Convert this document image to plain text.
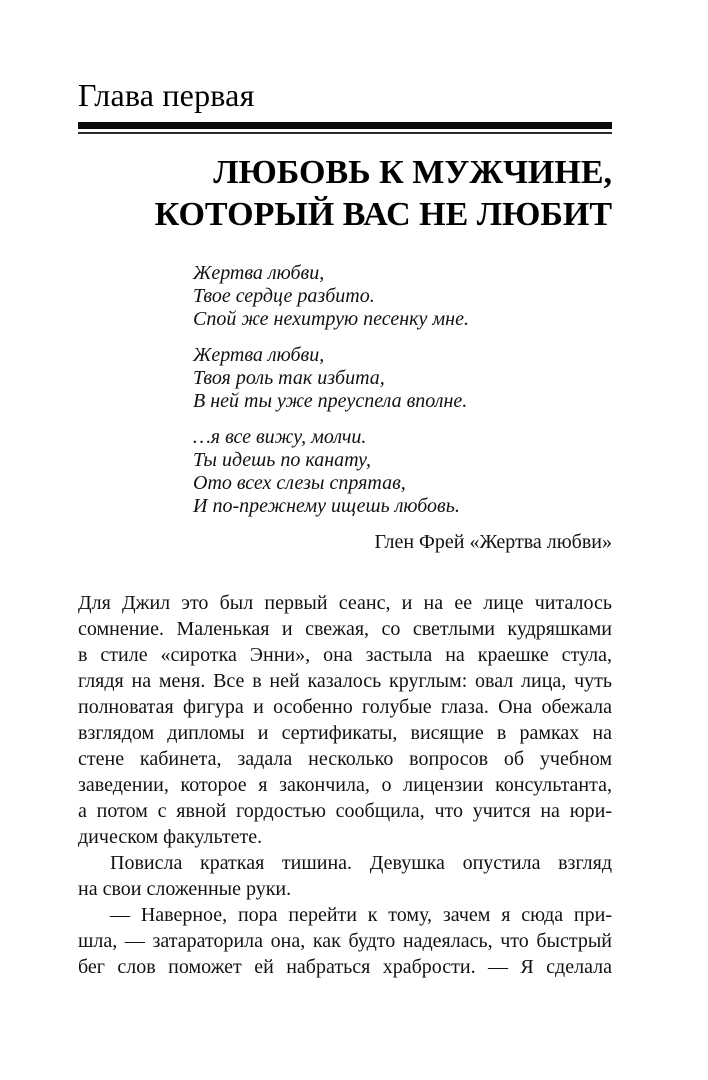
Глава первая
ЛЮБОВЬ К МУЖЧИНЕ,
КОТОРЫЙ ВАС НЕ ЛЮБИТ
Жертва любви,
Твое сердце разбито.
Спой же нехитрую песенку мне.
Жертва любви,
Твоя роль так избита,
В ней ты уже преуспела вполне.
…я все вижу, молчи.
Ты идешь по канату,
Ото всех слезы спрятав,
И по-прежнему ищешь любовь.
Глен Фрей «Жертва любви»
Для Джил это был первый сеанс, и на ее лице читалось
сомнение. Маленькая и свежая, со светлыми кудряшками
в стиле «сиротка Энни», она застыла на краешке стула,
глядя на меня. Все в ней казалось круглым: овал лица, чуть
полноватая фигура и особенно голубые глаза. Она обежала
взглядом дипломы и сертификаты, висящие в рамках на
стене кабинета, задала несколько вопросов об учебном
заведении, которое я закончила, о лицензии консультанта,
а потом с явной гордостью сообщила, что учится на юри-
дическом факультете.
Повисла краткая тишина. Девушка опустила взгляд
на свои сложенные руки.
— Наверное, пора перейти к тому, зачем я сюда при-
шла, — затараторила она, как будто надеялась, что быстрый
бег слов поможет ей набраться храбрости. — Я сделала
